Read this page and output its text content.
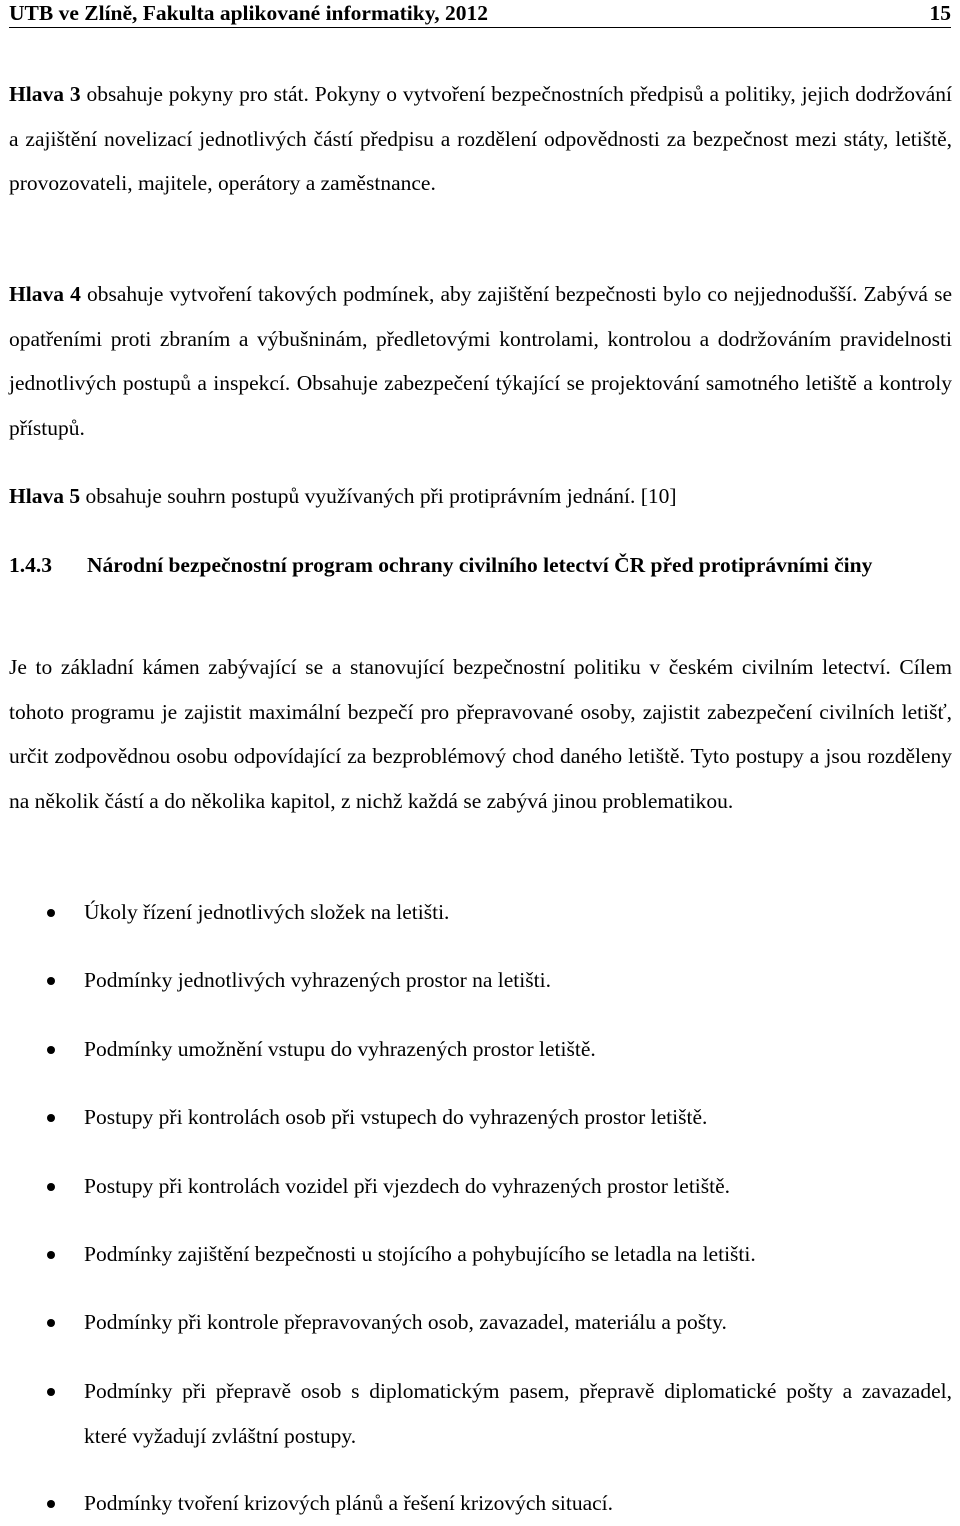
UTB ve Zlíně, Fakulta aplikované informatiky, 2012	15

Hlava 3 obsahuje pokyny pro stát. Pokyny o vytvoření bezpečnostních předpisů a politiky, jejich dodržování a zajištění novelizací jednotlivých částí předpisu a rozdělení odpovědnosti za bezpečnost mezi státy, letiště, provozovateli, majitele, operátory a zaměstnance.

Hlava 4 obsahuje vytvoření takových podmínek, aby zajištění bezpečnosti bylo co nejjednodušší. Zabývá se opatřeními proti zbraním a výbušninám, předletovými kontrolami, kontrolou a dodržováním pravidelnosti jednotlivých postupů a inspekcí. Obsahuje zabezpečení týkající se projektování samotného letiště a kontroly přístupů.

Hlava 5 obsahuje souhrn postupů využívaných při protiprávním jednání. [10]

1.4.3	Národní bezpečnostní program ochrany civilního letectví ČR před protiprávními činy

Je to základní kámen zabývající se a stanovující bezpečnostní politiku v českém civilním letectví. Cílem tohoto programu je zajistit maximální bezpečí pro přepravované osoby, zajistit zabezpečení civilních letišť, určit zodpovědnou osobu odpovídající za bezproblémový chod daného letiště. Tyto postupy a jsou rozděleny na několik částí a do několika kapitol, z nichž každá se zabývá jinou problematikou.

Úkoly řízení jednotlivých složek na letišti.
Podmínky jednotlivých vyhrazených prostor na letišti.
Podmínky umožnění vstupu do vyhrazených prostor letiště.
Postupy při kontrolách osob při vstupech do vyhrazených prostor letiště.
Postupy při kontrolách vozidel při vjezdech do vyhrazených prostor letiště.
Podmínky zajištění bezpečnosti u stojícího a pohybujícího se letadla na letišti.
Podmínky při kontrole přepravovaných osob, zavazadel, materiálu a pošty.
Podmínky při přepravě osob s diplomatickým pasem, přepravě diplomatické pošty a zavazadel, které vyžadují zvláštní postupy.
Podmínky tvoření krizových plánů a řešení krizových situací.
